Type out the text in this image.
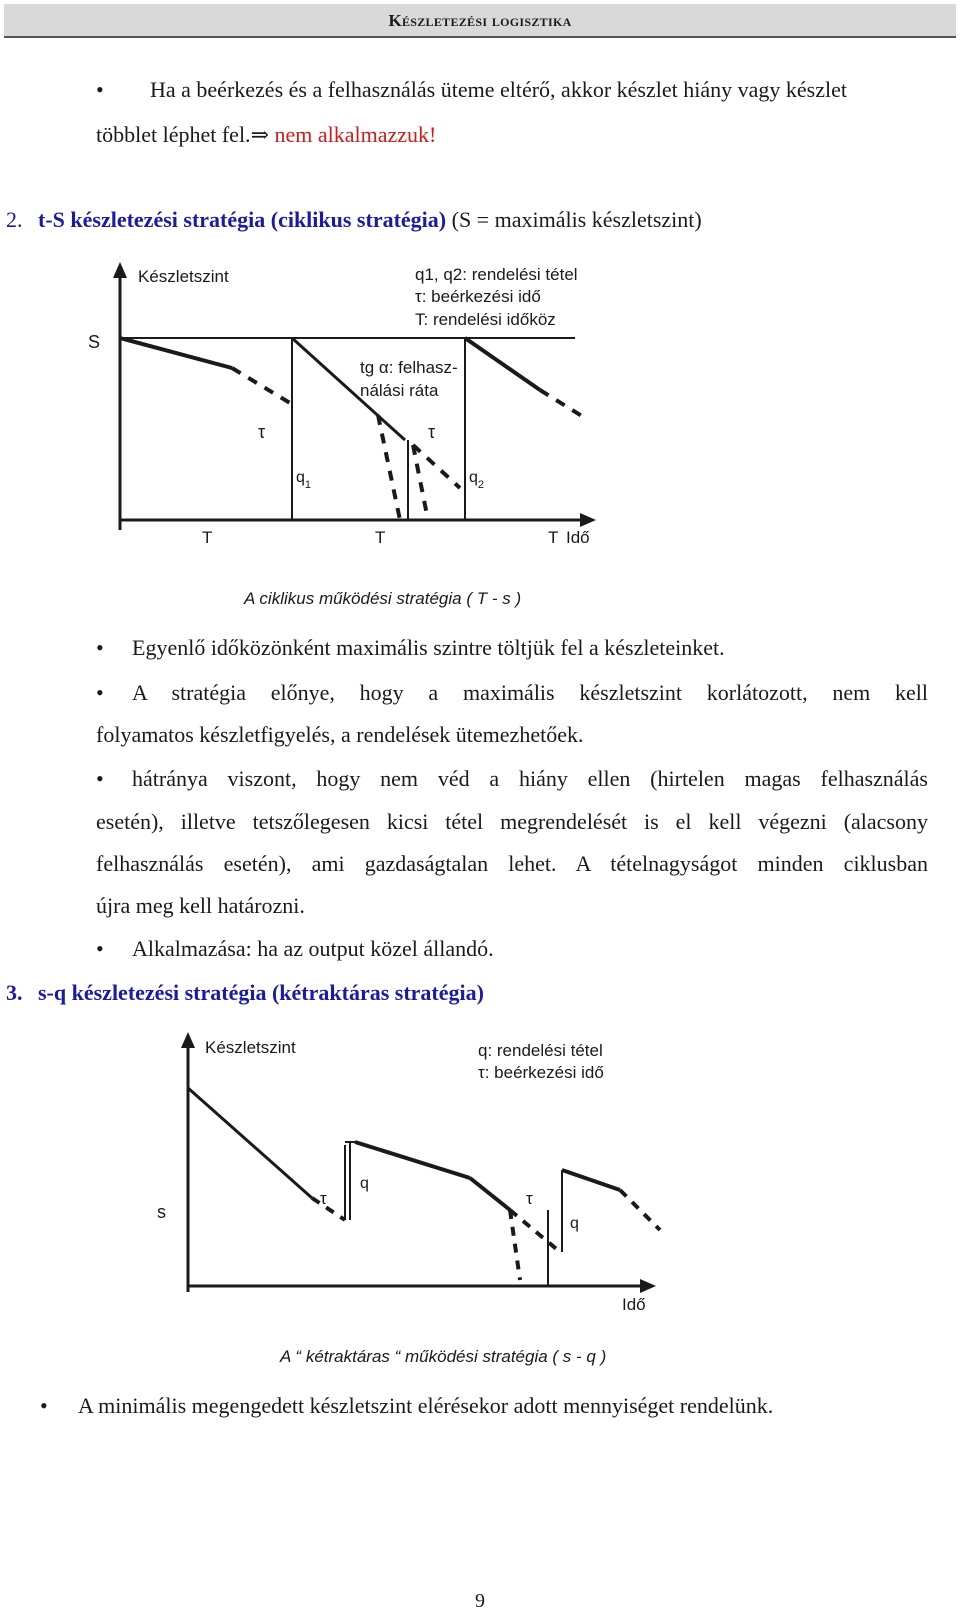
Készletezési logisztika
• Ha a beérkezés és a felhasználás üteme eltérő, akkor készlet hiány vagy készlet
többlet léphet fel.⇒ nem alkalmazzuk!
2. t-S készletezési stratégia (ciklikus stratégia) (S = maximális készletszint)
Készletszint
S
q1, q2: rendelési tétel
τ: beérkezési idő
T: rendelési időköz
tg α: felhasz-
nálási ráta
τ	τ
$q_1$	$q_2$
T	T	T Idő
A ciklikus működési stratégia ( T - s )
• Egyenlő időközönként maximális szintre töltjük fel a készleteinket.
• A stratégia előnye, hogy a maximális készletszint korlátozott, nem kell
folyamatos készletfigyelés, a rendelések ütemezhetőek.
• hátránya viszont, hogy nem véd a hiány ellen (hirtelen magas felhasználás
esetén), illetve tetszőlegesen kicsi tétel megrendelését is el kell végezni (alacsony
felhasználás esetén), ami gazdaságtalan lehet. A tételnagyságot minden ciklusban
újra meg kell határozni.
• Alkalmazása: ha az output közel állandó.
3. s-q készletezési stratégia (kétraktáras stratégia)
Készletszint	q: rendelési tétel
τ: beérkezési idő
s
τ
q
τ
q
Idő
A “ kétraktáras “ működési stratégia ( s - q )
• A minimális megengedett készletszint elérésekor adott mennyiséget rendelünk.
9
